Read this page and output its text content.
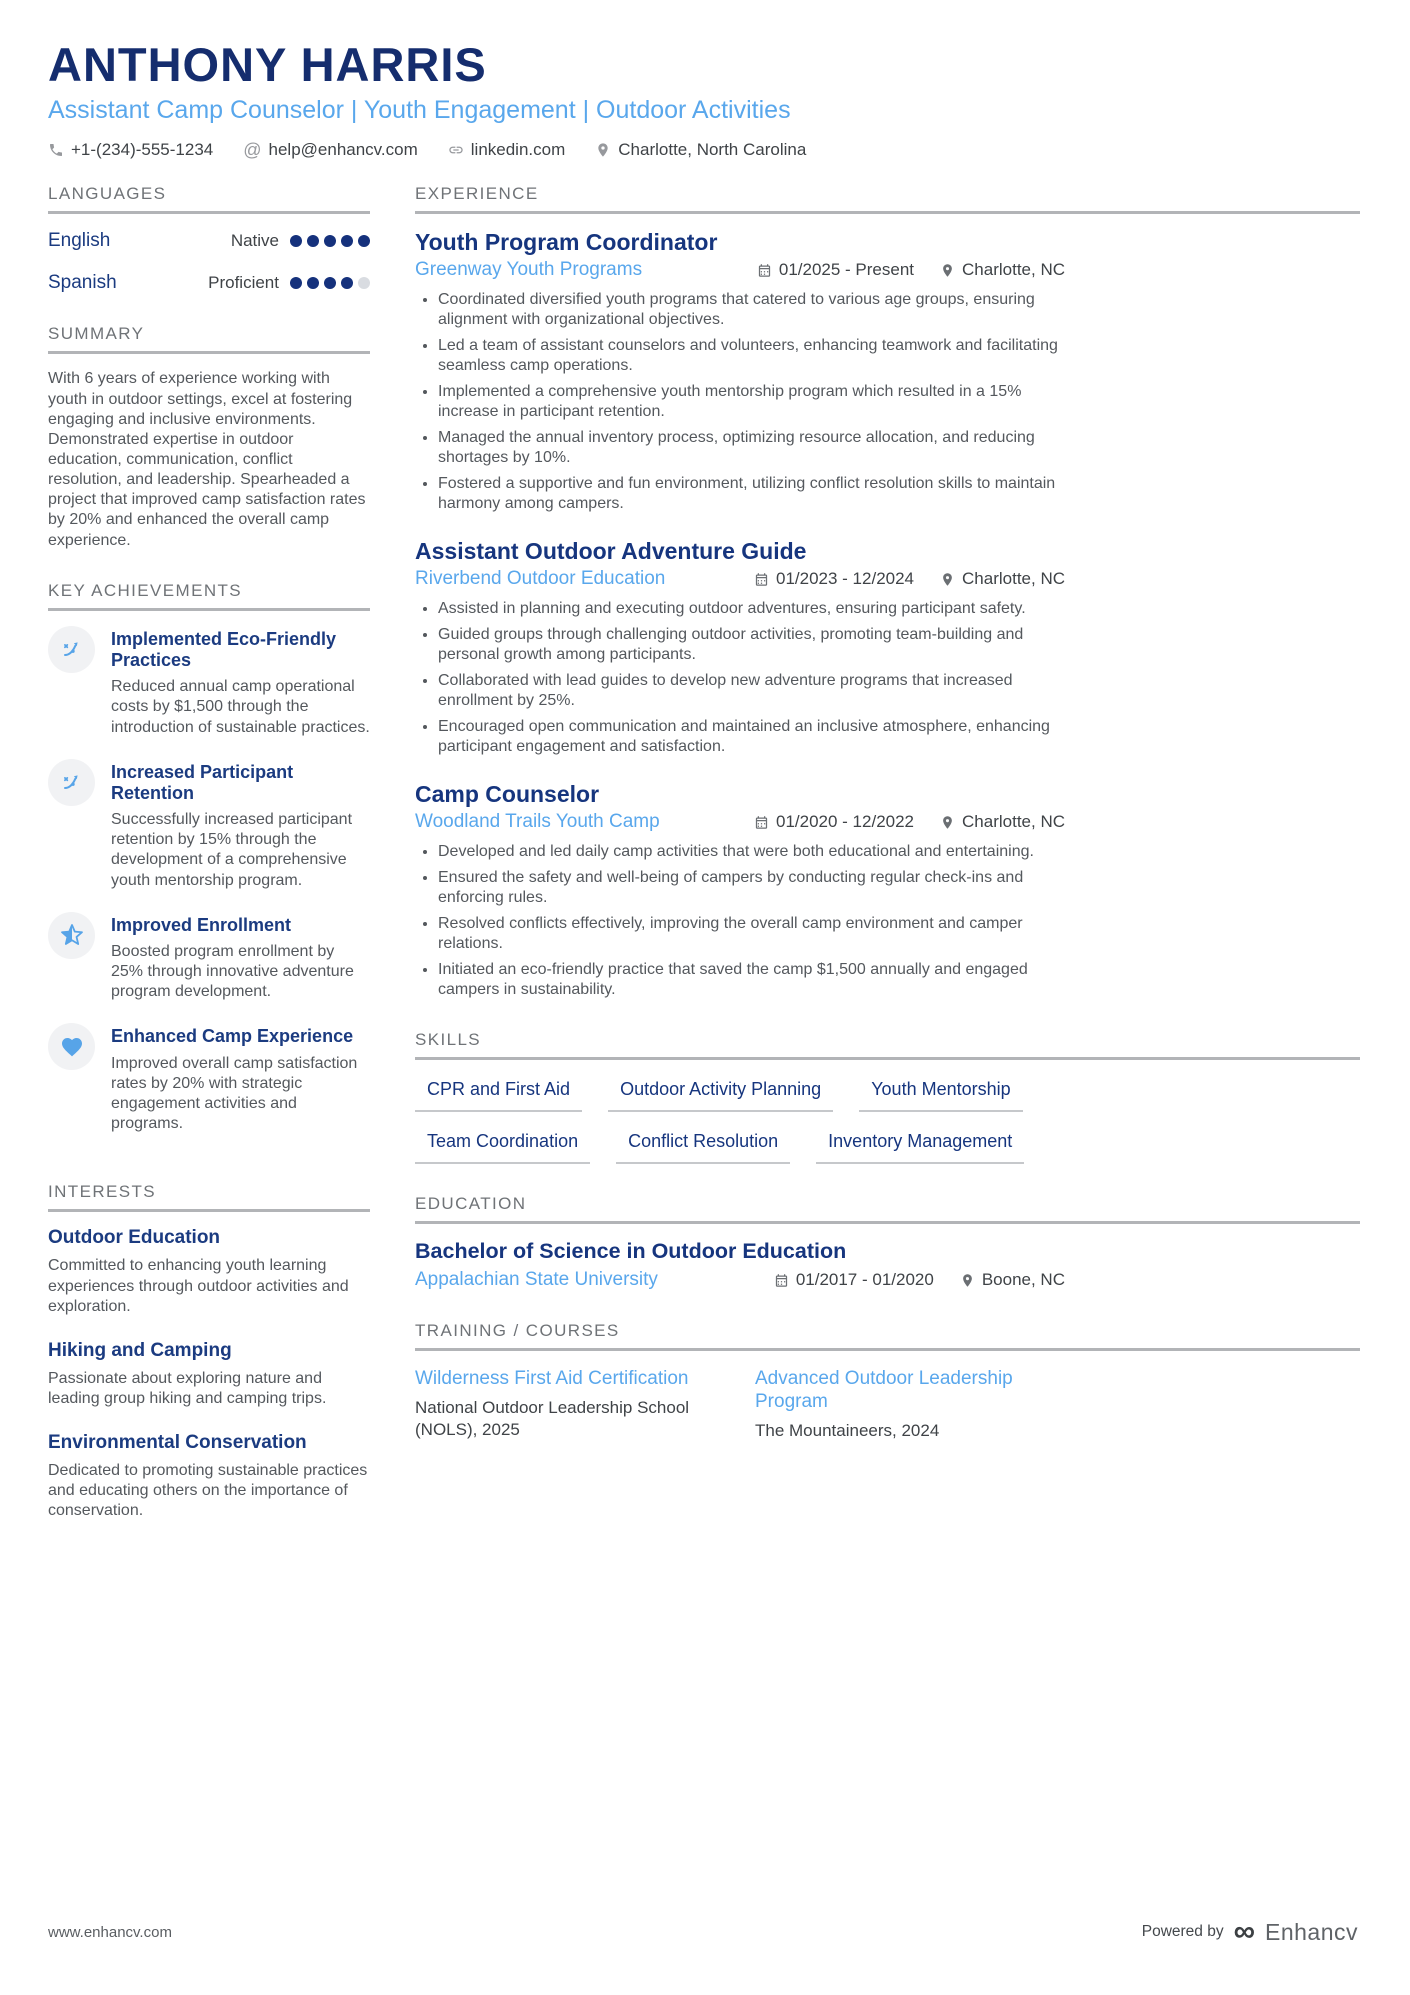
ANTHONY HARRIS
Assistant Camp Counselor | Youth Engagement | Outdoor Activities
+1-(234)-555-1234 @ help@enhancv.com	linkedin.com	Charlotte, North Carolina
LANGUAGES
English	Native
Spanish	Proficient
SUMMARY

With 6 years of experience working with youth in outdoor settings, excel at fostering engaging and inclusive environments. Demonstrated expertise in outdoor education, communication, conflict resolution, and leadership. Spearheaded a project that improved camp satisfaction rates by 20% and enhanced the overall camp experience.

KEY ACHIEVEMENTS
Implemented Eco-Friendly Practices
Reduced annual camp operational costs by $1,500 through the introduction of sustainable practices.
Increased Participant Retention
Successfully increased participant retention by 15% through the development of a comprehensive youth mentorship program.
Improved Enrollment
Boosted program enrollment by 25% through innovative adventure program development.
Enhanced Camp Experience
Improved overall camp satisfaction rates by 20% with strategic engagement activities and programs.
INTERESTS
Outdoor Education
Committed to enhancing youth learning experiences through outdoor activities and exploration.
Hiking and Camping
Passionate about exploring nature and leading group hiking and camping trips.
Environmental Conservation
Dedicated to promoting sustainable practices and educating others on the importance of conservation.
EXPERIENCE
Youth Program Coordinator
Greenway Youth Programs	01/2025 - Present	Charlotte, NC
• Coordinated diversified youth programs that catered to various age groups, ensuring alignment with organizational objectives.
• Led a team of assistant counselors and volunteers, enhancing teamwork and facilitating seamless camp operations.
• Implemented a comprehensive youth mentorship program which resulted in a 15% increase in participant retention.
• Managed the annual inventory process, optimizing resource allocation, and reducing shortages by 10%.
• Fostered a supportive and fun environment, utilizing conflict resolution skills to maintain harmony among campers.
Assistant Outdoor Adventure Guide
Riverbend Outdoor Education	01/2023 - 12/2024	Charlotte, NC
• Assisted in planning and executing outdoor adventures, ensuring participant safety.
• Guided groups through challenging outdoor activities, promoting team-building and personal growth among participants.
• Collaborated with lead guides to develop new adventure programs that increased enrollment by 25%.
• Encouraged open communication and maintained an inclusive atmosphere, enhancing participant engagement and satisfaction.
Camp Counselor
Woodland Trails Youth Camp	01/2020 - 12/2022	Charlotte, NC
• Developed and led daily camp activities that were both educational and entertaining.
• Ensured the safety and well-being of campers by conducting regular check-ins and enforcing rules.
• Resolved conflicts effectively, improving the overall camp environment and camper relations.
• Initiated an eco-friendly practice that saved the camp $1,500 annually and engaged campers in sustainability.
SKILLS
CPR and First Aid	Outdoor Activity Planning	Youth Mentorship
Team Coordination	Conflict Resolution	Inventory Management
EDUCATION
Bachelor of Science in Outdoor Education
Appalachian State University	01/2017 - 01/2020	Boone, NC
TRAINING / COURSES
Wilderness First Aid Certification
National Outdoor Leadership School (NOLS), 2025
Advanced Outdoor Leadership Program
The Mountaineers, 2024
www.enhancv.com	Powered by ∞ Enhancv
